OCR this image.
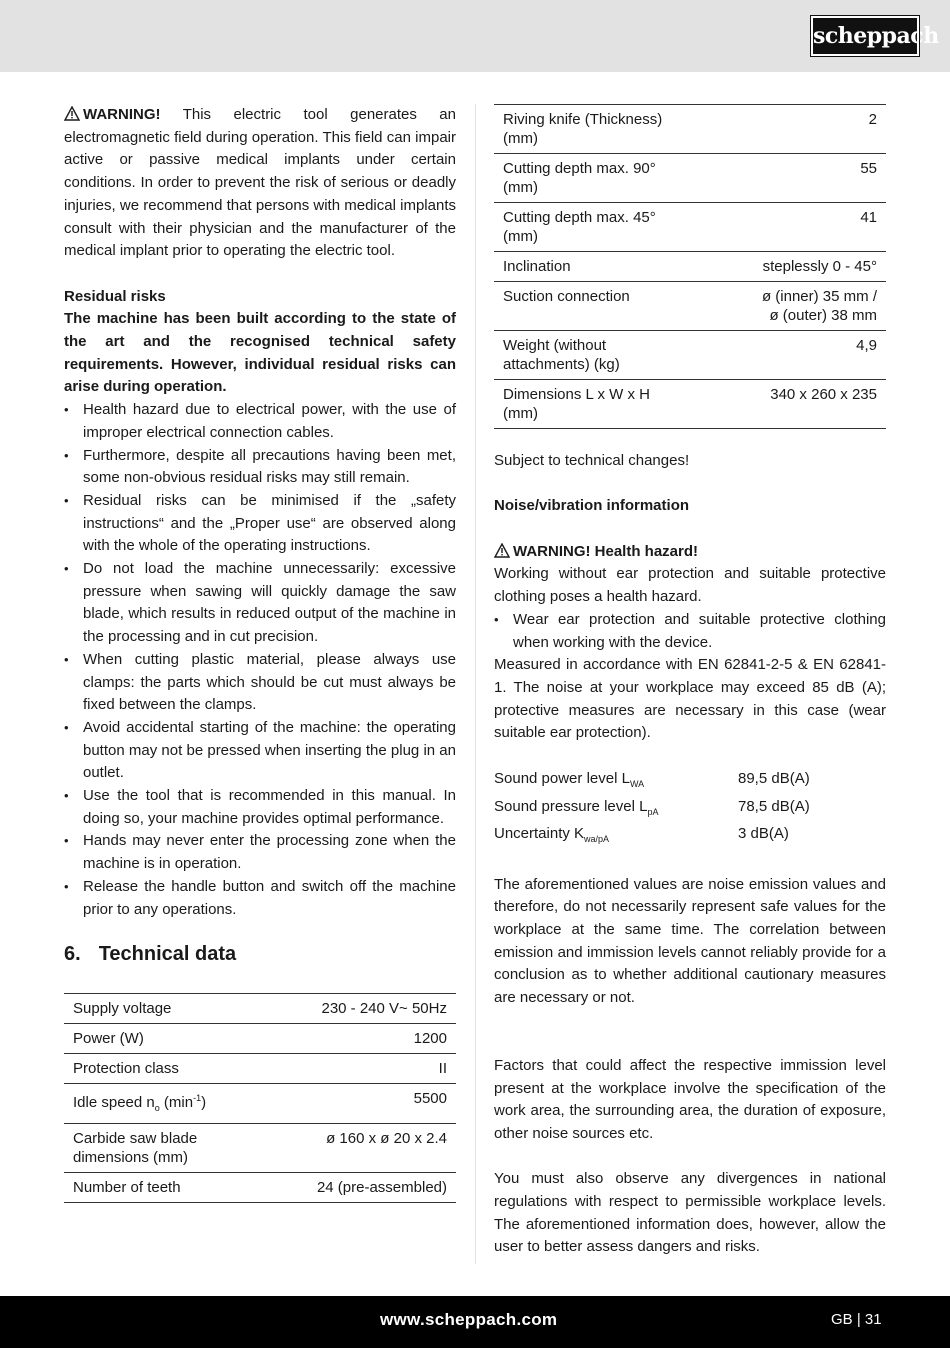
scheppach

WARNING! This electric tool generates an electromagnetic field during operation. This field can impair active or passive medical implants under certain conditions. In order to prevent the risk of serious or deadly injuries, we recommend that persons with medical implants consult with their physician and the manufacturer of the medical implant prior to operating the electric tool.

Residual risks

The machine has been built according to the state of the art and the recognised technical safety requirements. However, individual residual risks can arise during operation.

• Health hazard due to electrical power, with the use of improper electrical connection cables.
• Furthermore, despite all precautions having been met, some non-obvious residual risks may still remain.
• Residual risks can be minimised if the „safety instructions“ and the „Proper use“ are observed along with the whole of the operating instructions.
• Do not load the machine unnecessarily: excessive pressure when sawing will quickly damage the saw blade, which results in reduced output of the machine in the processing and in cut precision.
• When cutting plastic material, please always use clamps: the parts which should be cut must always be fixed between the clamps.
• Avoid accidental starting of the machine: the operating button may not be pressed when inserting the plug in an outlet.
• Use the tool that is recommended in this manual. In doing so, your machine provides optimal performance.
• Hands may never enter the processing zone when the machine is in operation.
• Release the handle button and switch off the machine prior to any operations.
6. Technical data
Supply voltage	230 - 240 V~ 50Hz
Power (W)	1200
Protection class	II
Idle speed $n_o$ $(\min^{-1})$	5500
Carbide saw blade dimensions (mm)	ø 160 x ø 20 x 2.4
Number of teeth	24 (pre-assembled)
Riving knife (Thickness) (mm)	2
Cutting depth max. 90° (mm)	55
Cutting depth max. 45° (mm)	41
Inclination	steplessly 0 - 45°
Suction connection	ø (inner) 35 mm /
ø (outer) 38 mm
Weight (without attachments) (kg)	4,9
Dimensions L x W x H (mm)	340 x 260 x 235

Subject to technical changes!

Noise/vibration information

WARNING! Health hazard!

Working without ear protection and suitable protective clothing poses a health hazard.

• Wear ear protection and suitable protective clothing when working with the device.

Measured in accordance with EN 62841-2-5 & EN 62841-1. The noise at your workplace may exceed 85 dB (A); protective measures are necessary in this case (wear suitable ear protection).

Sound power level $L_{WA}$	89,5 dB(A)
Sound pressure level $L_{pA}$	78,5 dB(A)
Uncertainty $K_{wa/pA}$	3 dB(A)

The aforementioned values are noise emission values and therefore, do not necessarily represent safe values for the workplace at the same time. The correlation between emission and immission levels cannot reliably provide for a conclusion as to whether additional cautionary measures are necessary or not.

Factors that could affect the respective immission level present at the workplace involve the specification of the work area, the surrounding area, the duration of exposure, other noise sources etc.

You must also observe any divergences in national regulations with respect to permissible workplace levels. The aforementioned information does, however, allow the user to better assess dangers and risks.

www.scheppach.com	GB | 31
